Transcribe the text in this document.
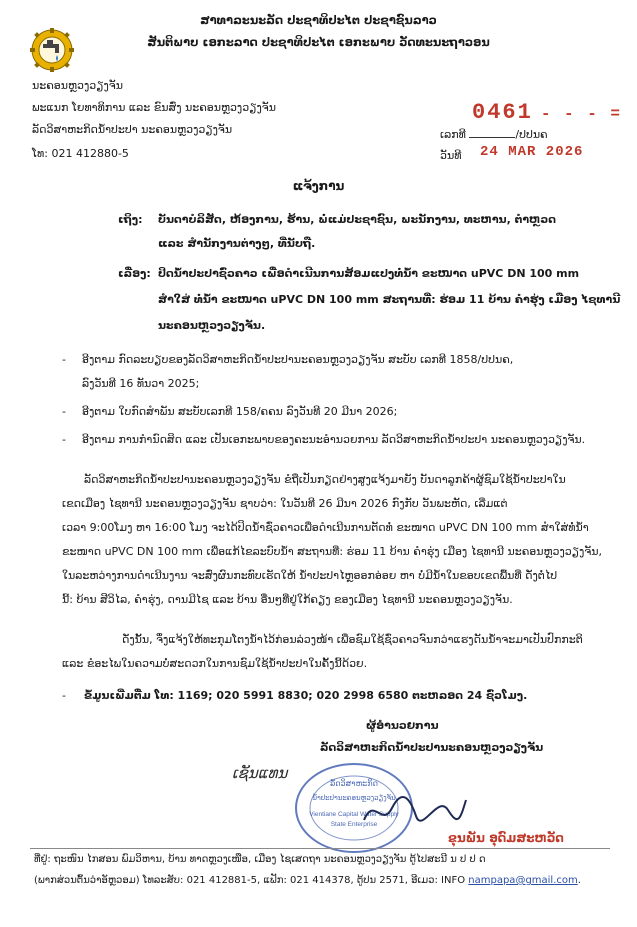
ສາທາລະນະລັດ ປະຊາທິປະໄຕ ປະຊາຊົນລາວ
ສັນຕິພາບ ເອກະລາດ ປະຊາທິປະໄຕ ເອກະພາບ ວັດທະນະຖາວອນ
ນະຄອນຫຼວງວຽງຈັນ
ພະແນກ ໂຍທາທິການ ແລະ ຂົນສົ່ງ ນະຄອນຫຼວງວຽງຈັນ
ລັດວິສາຫະກິດນ້ຳປະປາ ນະຄອນຫຼວງວຽງຈັນ
ໂທ: 021 412880-5
0461 - - - =
ເລກທີ	/ປປນຄ
ວັນທີ 24 MAR 2026
ແຈ້ງການ
ເຖິງ: ບັນດາບໍລິສັດ, ຫ້ອງການ, ຮ້ານ, ພໍ່ແມ່ປະຊາຊົນ, ພະນັກງານ, ທະຫານ, ຕຳຫຼວດ
ແລະ ສຳນັກງານຕ່າງໆ, ທີ່ນັບຖື.
ເລື່ອງ: ປິດນ້ຳປະປາຊົ່ວຄາວ ເພື່ອດຳເນີນການສ້ອມແປງທໍ່ນ້ຳ ຂະໜາດ uPVC DN 100 mm
ສຳໃສ່ ທໍ່ນ້ຳ ຂະໜາດ uPVC DN 100 mm ສະຖານທີ່: ຮ່ອມ 11 ບ້ານ ຄຳຮຸ່ງ ເມືອງ ໄຊທານີ
ນະຄອນຫຼວງວຽງຈັນ.
- ອີງຕາມ ກົດລະບຽບຂອງລັດວິສາຫະກິດນ້ຳປະປານະຄອນຫຼວງວຽງຈັນ ສະບັບ ເລກທີ 1858/ປປນຄ,
ລົງວັນທີ 16 ທັນວາ 2025;
- ອີງຕາມ ໃບກົດສຳພັນ ສະບັບເລກທີ 158/ຄຄນ ລົງວັນທີ 20 ມີນາ 2026;
- ອີງຕາມ ການກຳນົດສິດ ແລະ ເປັນເອກະພາບຂອງຄະນະອຳນວຍການ ລັດວິສາຫະກິດນ້ຳປະປາ ນະຄອນຫຼວງວຽງຈັນ.
ລັດວິສາຫະກິດນ້ຳປະປານະຄອນຫຼວງວຽງຈັນ ຂໍຖືເປັນກຽດຢ່າງສູງແຈ້ງມາຍັງ ບັນດາລູກຄ້າຜູ້ຊົມໃຊ້ນ້ຳປະປາໃນ
ເຂດເມືອງ ໄຊທານີ ນະຄອນຫຼວງວຽງຈັນ ຊາບວ່າ: ໃນວັນທີ 26 ມີນາ 2026 ກົງກັບ ວັນພະຫັດ, ເລີ່ມແຕ່
ເວລາ 9:00ໂມງ ຫາ 16:00 ໂມງ ຈະໄດ້ປິດນ້ຳຊົ່ວຄາວເພື່ອດຳເນີນການຕັດທໍ່ ຂະໜາດ uPVC DN 100 mm ສຳໃສ່ທໍ່ນ້ຳ
ຂະໜາດ uPVC DN 100 mm ເພື່ອແກ້ໄຂລະບົບນ້ຳ ສະຖານທີ່: ຮ່ອມ 11 ບ້ານ ຄຳຮຸ່ງ ເມືອງ ໄຊທານີ ນະຄອນຫຼວງວຽງຈັນ,
ໃນລະຫວ່າງການດຳເນີນງານ ຈະສົ່ງຜົນກະທົບເຮັດໃຫ້ ນ້ຳປະປາໄຫຼອອກອ່ອຍ ຫາ ບໍ່ມີນ້ຳໃນຂອບເຂດພື້ນທີ່ ດັ່ງຕໍ່ໄປ
ນີ້: ບ້ານ ສີວິໄລ, ຄຳຮຸ່ງ, ດານມີໄຊ ແລະ ບ້ານ ອື່ນໆທີ່ຢູ່ໃກ້ຄຽງ ຂອງເມືອງ ໄຊທານີ ນະຄອນຫຼວງວຽງຈັນ.
ດັ່ງນັ້ນ, ຈຶ່ງແຈ້ງໃຫ້ທະກຸມໂຕງນ້ຳໄວ້ກ່ອນລ່ວງໜ້າ ເພື່ອຊົມໃຊ້ຊົ່ວຄາວຈົນກວ່າແຮງດັນນ້ຳຈະມາເປັນປົກກະຕິ
ແລະ ຂໍອະໄພໃນຄວາມບໍ່ສະດວກໃນການຊົມໃຊ້ນ້ຳປະປາໃນຄັ້ງນີ້ດ້ວຍ.
- ຂໍ້ມູນເພີ່ມຕື່ມ ໂທ: 1169; 020 5991 8830; 020 2998 6580 ຕະຫລອດ 24 ຊົ່ວໂມງ.
ຜູ້ອຳນວຍການ
ລັດວິສາຫະກິດນ້ຳປະປານະຄອນຫຼວງວຽງຈັນ
ເຊັນແທນ
ລັດວິສາຫະກິດ
ນ້ຳປະປານະຄອນຫຼວງວຽງຈັນ
Vientiane Capital Water Supply
State Enterprise
ຂຸນພັນ ອຸດົມສະຫວັດ
ທີ່ຢູ່: ຖະໜົນ ໄກສອນ ພົມວິຫານ, ບ້ານ ທາດຫຼວງເໜືອ, ເມືອງ ໄຊເສດຖາ ນະຄອນຫຼວງວຽງຈັນ ຕູ້ໄປສະນີ ນ ປ ປ ດ
(ພາກສ່ວນຕົ້ນວ່າອັຫຼວອມ) ໂທລະສັບ: 021 412881-5, ແຟັກ: 021 414378, ຕູ້ປນ 2571, ອີເມວ: INFO nampapa@gmail.com.
